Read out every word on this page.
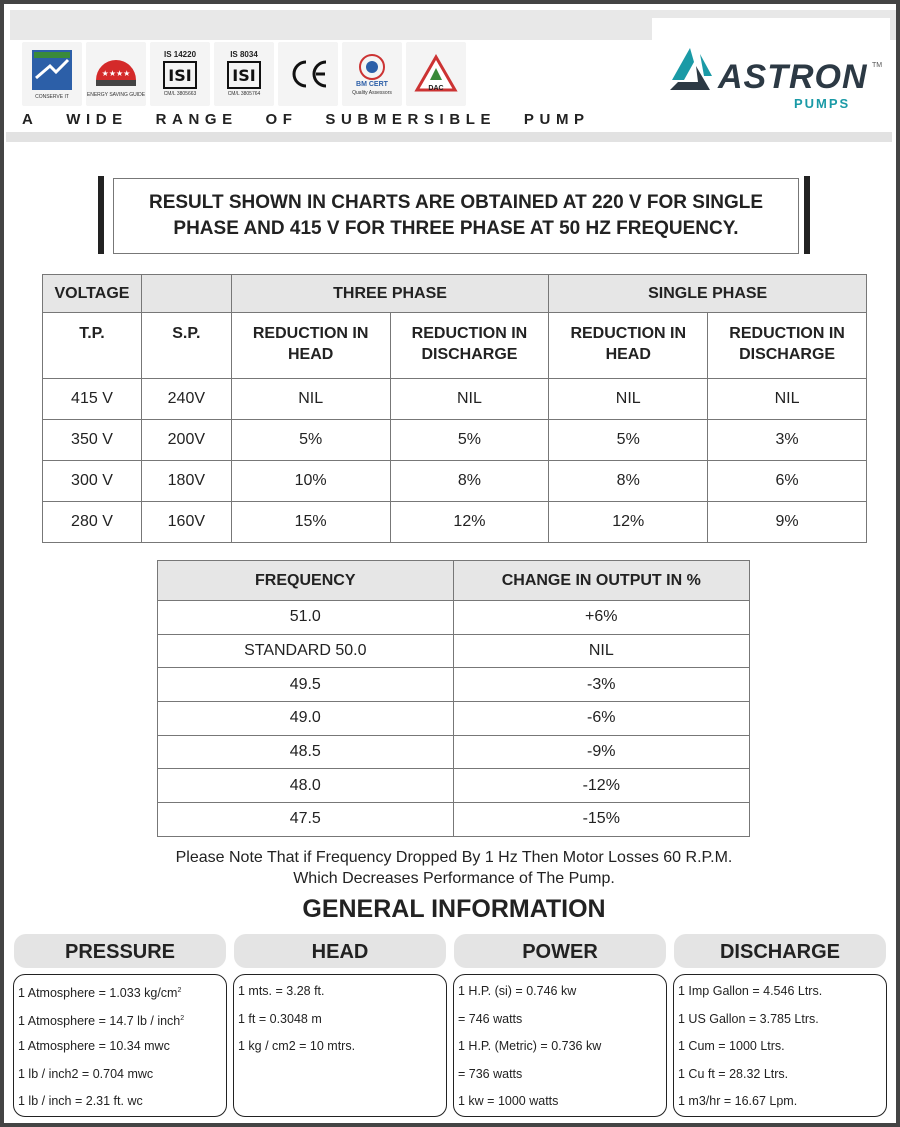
CONSERVE IT
★★★★
ENERGY SAVING GUIDE
IS 14220
ISI
CM/L 3805663
IS 8034
ISI
CM/L 3805764
BM CERT
Quality Assessors
DAC
A WIDE RANGE OF SUBMERSIBLE PUMP
ASTRON TM
PUMPS
RESULT SHOWN IN CHARTS ARE OBTAINED AT 220 V FOR SINGLE PHASE AND 415 V FOR THREE PHASE AT 50 HZ FREQUENCY.
VOLTAGE		THREE PHASE		SINGLE PHASE	
T.P.	S.P.	REDUCTION IN HEAD	REDUCTION IN DISCHARGE	REDUCTION IN HEAD	REDUCTION IN DISCHARGE
415 V	240V	NIL	NIL	NIL	NIL
350 V	200V	5%	5%	5%	3%
300 V	180V	10%	8%	8%	6%
280 V	160V	15%	12%	12%	9%
FREQUENCY	CHANGE IN OUTPUT IN %
51.0	+6%
STANDARD 50.0	NIL
49.5	-3%
49.0	-6%
48.5	-9%
48.0	-12%
47.5	-15%
Please Note That if Frequency Dropped By 1 Hz Then Motor Losses 60 R.P.M.
Which Decreases Performance of The Pump.
GENERAL INFORMATION
PRESSURE	HEAD	POWER	DISCHARGE
1 Atmosphere = 1.033 $kg/cm^2$
1 Atmosphere = 14.7 lb / inch$^2$
1 Atmosphere = 10.34 mwc
1 lb / inch2 = 0.704 mwc
1 lb / inch = 2.31 ft. wc
1 mts. = 3.28 ft.
1 ft = 0.3048 m
1 kg / cm2 = 10 mtrs.
1 H.P. (si) = 0.746 kw
= 746 watts
1 H.P. (Metric) = 0.736 kw
= 736 watts
1 kw = 1000 watts
1 Imp Gallon = 4.546 Ltrs.
1 US Gallon = 3.785 Ltrs.
1 Cum = 1000 Ltrs.
1 Cu ft = 28.32 Ltrs.
1 m3/hr = 16.67 Lpm.
